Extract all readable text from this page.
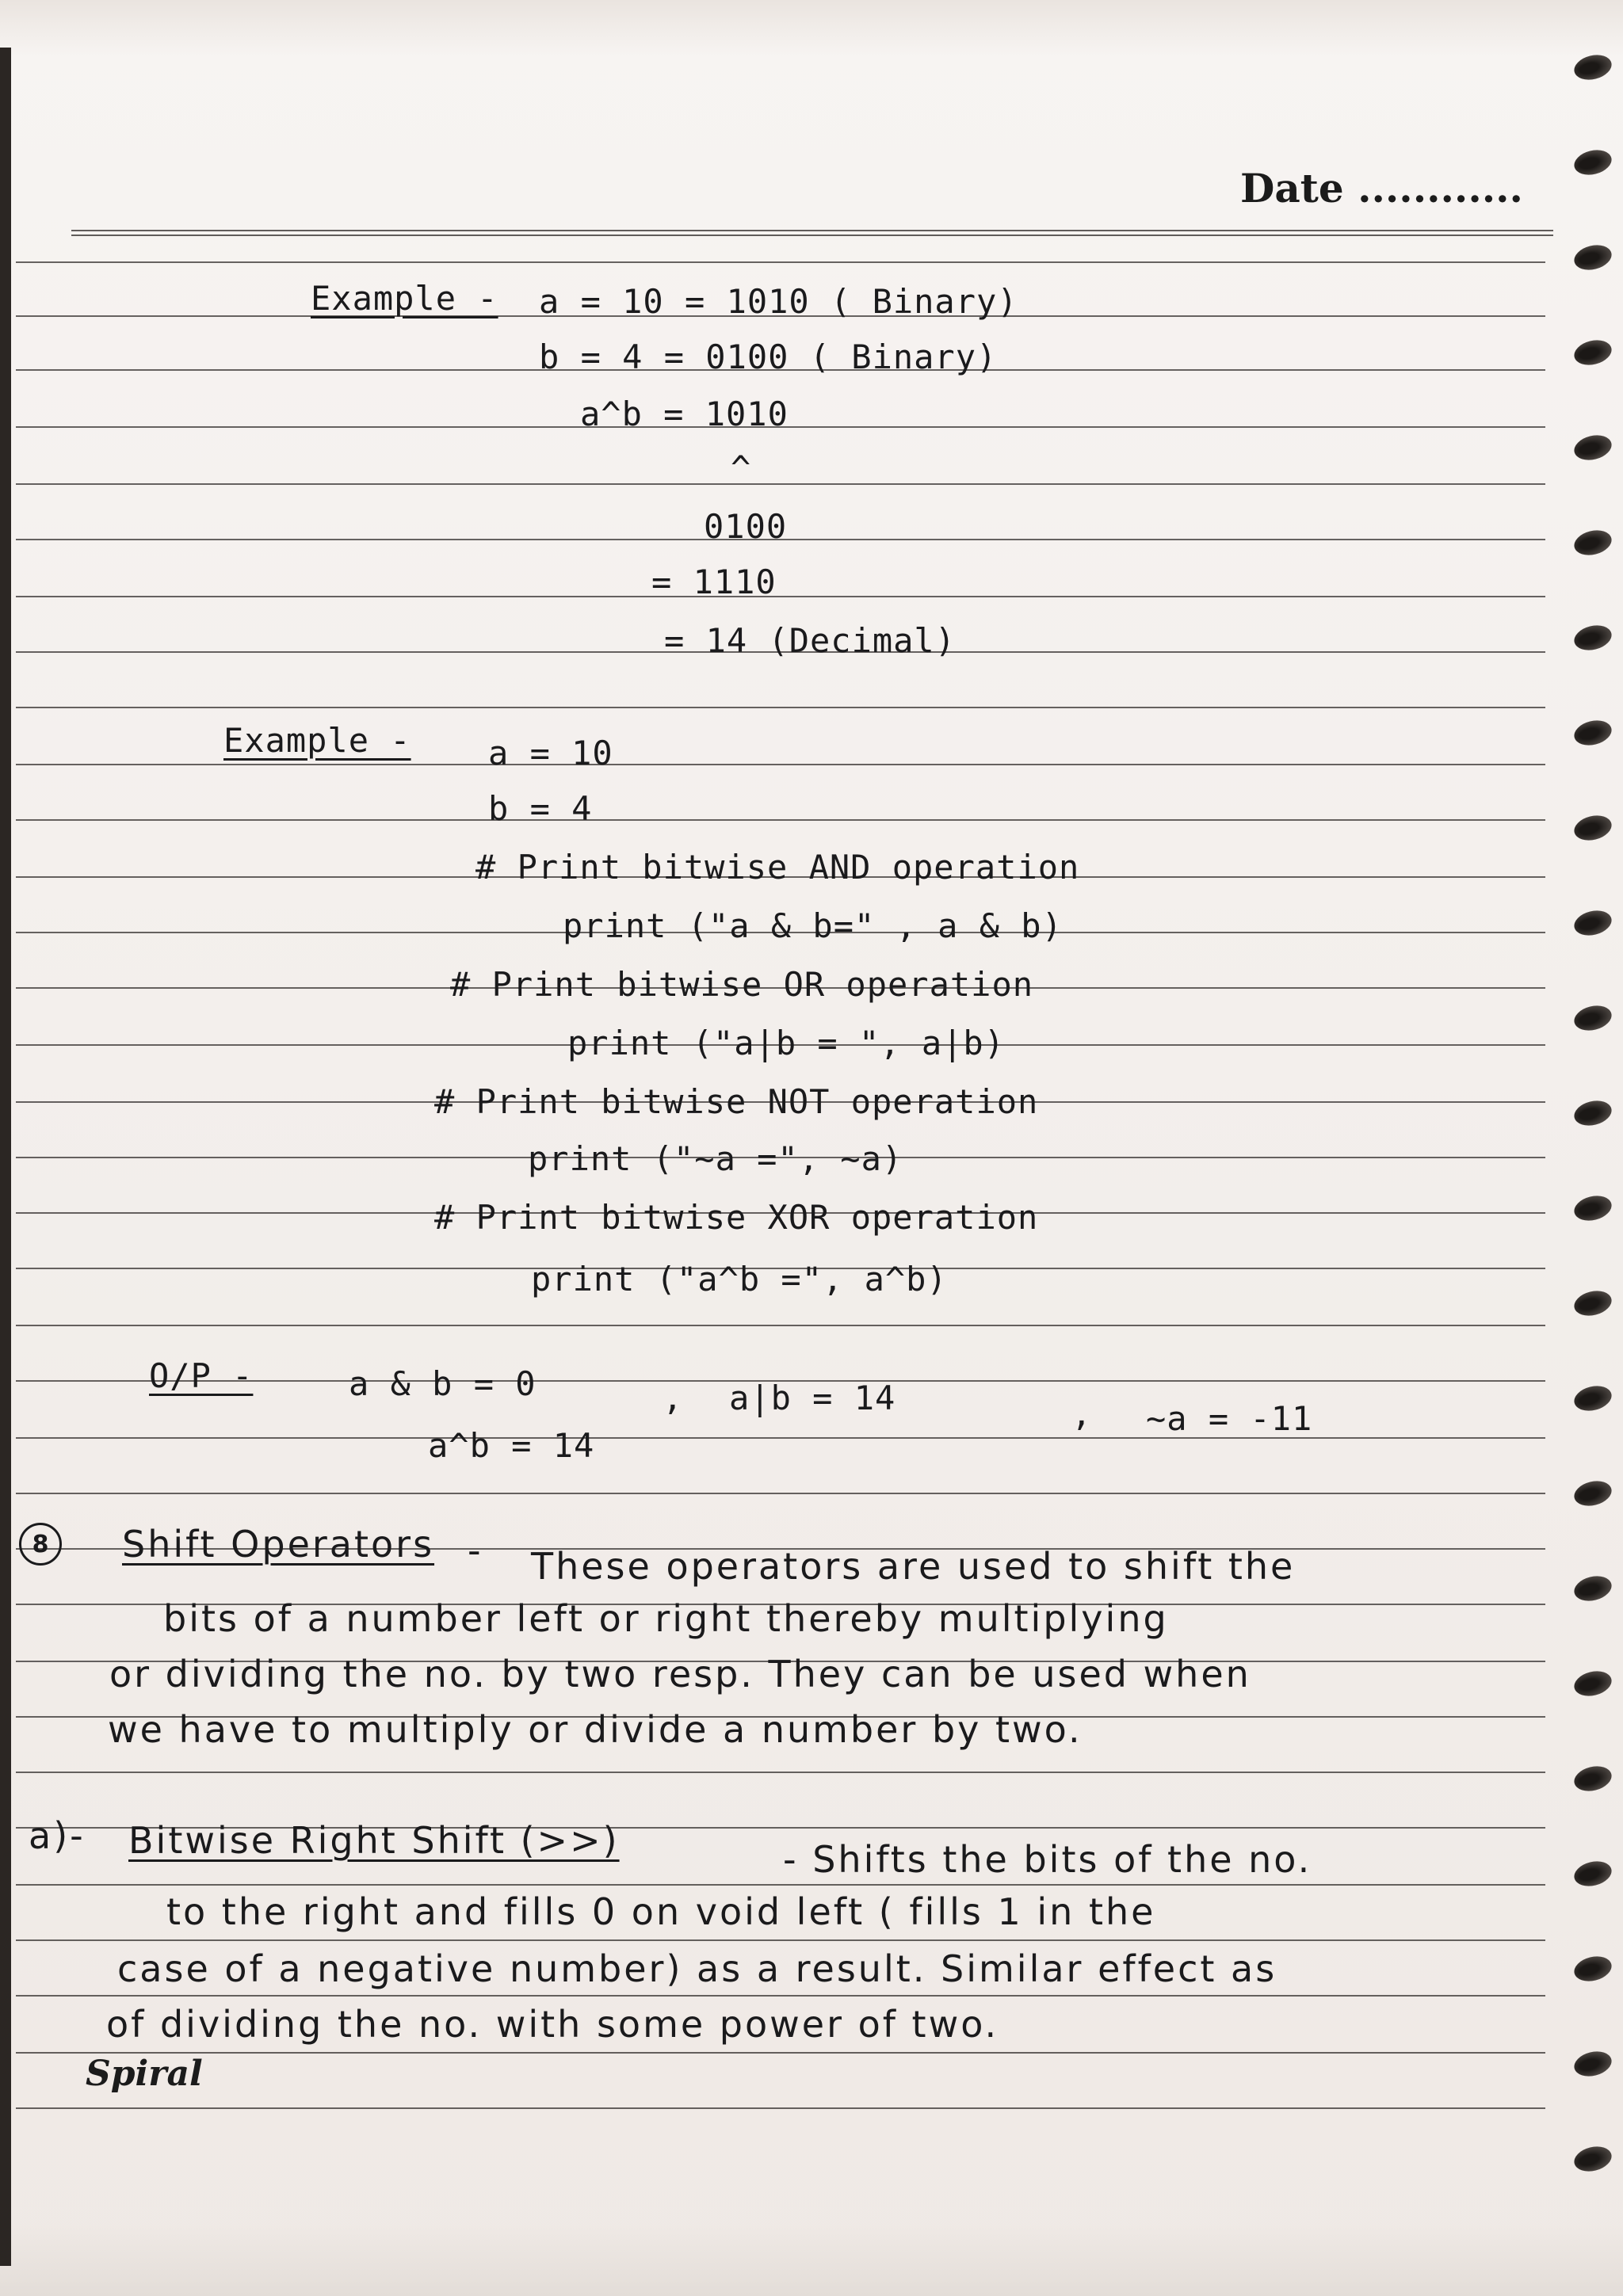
Date ............
Example - a = 10 = 1010 ( Binary)
b = 4 = 0100 ( Binary)
a^b = 1010
^
0100
= 1110
= 14 (Decimal)
Example - a = 10
b = 4
# Print bitwise AND operation
print ("a & b=" , a & b)
# Print bitwise OR operation
print ("a|b = ", a|b)
# Print bitwise NOT operation
print ("~a =", ~a)
# Print bitwise XOR operation
print ("a^b =", a^b)
O/P -	a & b = 0	, a|b = 14	, ~a = -11
a^b = 14
8	Shift Operators - These operators are used to shift the
bits of a number left or right thereby multiplying
or dividing the no. by two resp. They can be used when
we have to multiply or divide a number by two.
a)- Bitwise Right Shift (>>)	- Shifts the bits of the no.
to the right and fills 0 on void left ( fills 1 in the
case of a negative number) as a result. Similar effect as
of dividing the no. with some power of two.
Spiral
